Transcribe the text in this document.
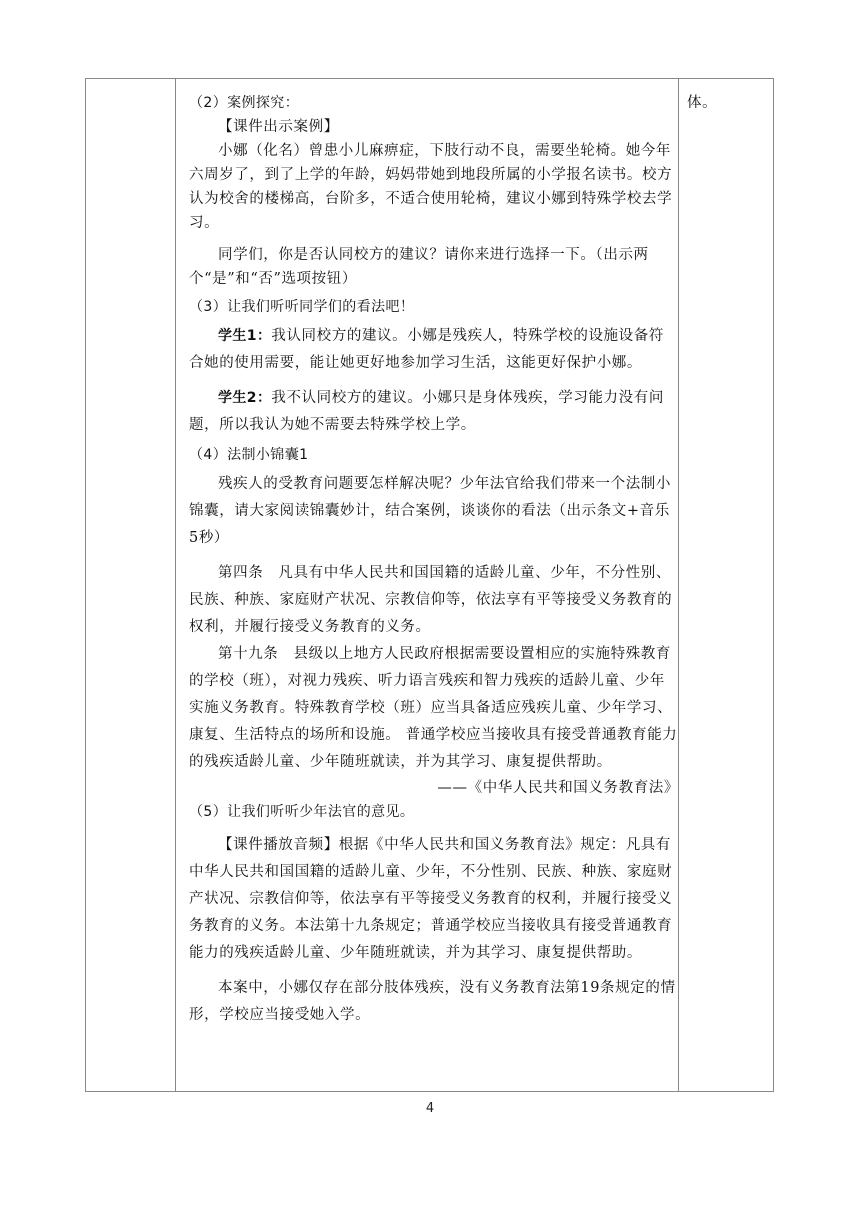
（2）案例探究：

【课件出示案例】

小娜（化名）曾患小儿麻痹症，下肢行动不良，需要坐轮椅。她今年六周岁了，到了上学的年龄，妈妈带她到地段所属的小学报名读书。校方认为校舍的楼梯高，台阶多，不适合使用轮椅，建议小娜到特殊学校去学习。

同学们，你是否认同校方的建议？请你来进行选择一下。（出示两个“是”和“否”选项按钮）

（3）让我们听听同学们的看法吧！

学生1：我认同校方的建议。小娜是残疾人，特殊学校的设施设备符合她的使用需要，能让她更好地参加学习生活，这能更好保护小娜。

学生2：我不认同校方的建议。小娜只是身体残疾，学习能力没有问题，所以我认为她不需要去特殊学校上学。

（4）法制小锦囊1

残疾人的受教育问题要怎样解决呢？少年法官给我们带来一个法制小锦囊，请大家阅读锦囊妙计，结合案例，谈谈你的看法（出示条文+音乐5秒）

第四条　凡具有中华人民共和国国籍的适龄儿童、少年，不分性别、民族、种族、家庭财产状况、宗教信仰等，依法享有平等接受义务教育的权利，并履行接受义务教育的义务。

第十九条　县级以上地方人民政府根据需要设置相应的实施特殊教育的学校（班），对视力残疾、听力语言残疾和智力残疾的适龄儿童、少年实施义务教育。特殊教育学校（班）应当具备适应残疾儿童、少年学习、康复、生活特点的场所和设施。 普通学校应当接收具有接受普通教育能力的残疾适龄儿童、少年随班就读，并为其学习、康复提供帮助。

——《中华人民共和国义务教育法》

（5）让我们听听少年法官的意见。

【课件播放音频】根据《中华人民共和国义务教育法》规定：凡具有中华人民共和国国籍的适龄儿童、少年，不分性别、民族、种族、家庭财产状况、宗教信仰等，依法享有平等接受义务教育的权利，并履行接受义务教育的义务。本法第十九条规定；普通学校应当接收具有接受普通教育能力的残疾适龄儿童、少年随班就读，并为其学习、康复提供帮助。

本案中，小娜仅存在部分肢体残疾，没有义务教育法第19条规定的情形，学校应当接受她入学。

体。

4
